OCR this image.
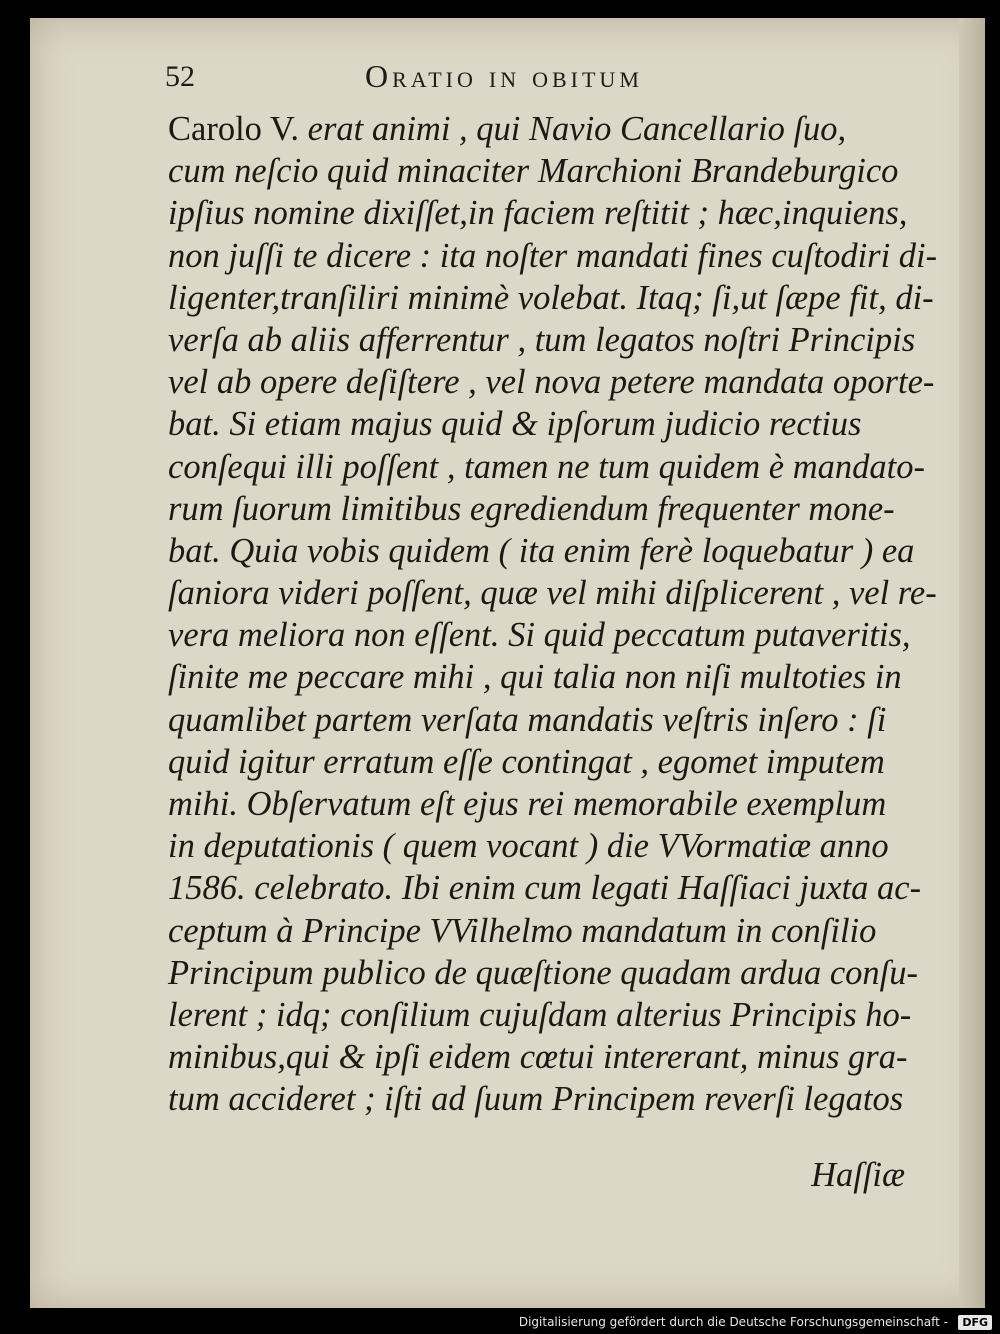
52	Oratio in obitum
Carolo V. erat animi , qui Navio Cancellario ſuo,
cum neſcio quid minaciter Marchioni Brandeburgico
ipſius nomine dixiſſet,in faciem reſtitit ; hæc,inquiens,
non juſſi te dicere : ita noſter mandati fines cuſtodiri di-
ligenter,tranſiliri minimè volebat. Itaq; ſi,ut ſæpe fit, di-
verſa ab aliis afferrentur , tum legatos noſtri Principis
vel ab opere deſiſtere , vel nova petere mandata oporte-
bat. Si etiam majus quid & ipſorum judicio rectius
conſequi illi poſſent , tamen ne tum quidem è mandato-
rum ſuorum limitibus egrediendum frequenter mone-
bat. Quia vobis quidem ( ita enim ferè loquebatur ) ea
ſaniora videri poſſent, quæ vel mihi diſplicerent , vel re-
vera meliora non eſſent. Si quid peccatum putaveritis,
ſinite me peccare mihi , qui talia non niſi multoties in
quamlibet partem verſata mandatis veſtris inſero : ſi
quid igitur erratum eſſe contingat , egomet imputem
mihi. Obſervatum eſt ejus rei memorabile exemplum
in deputationis ( quem vocant ) die VVormatiæ anno
1586. celebrato. Ibi enim cum legati Haſſiaci juxta ac-
ceptum à Principe VVilhelmo mandatum in conſilio
Principum publico de quæſtione quadam ardua conſu-
lerent ; idq; conſilium cujuſdam alterius Principis ho-
minibus,qui & ipſi eidem cœtui intererant, minus gra-
tum accideret ; iſti ad ſuum Principem reverſi legatos
Haſſiæ
Digitalisierung gefördert durch die Deutsche Forschungsgemeinschaft -	DFG
